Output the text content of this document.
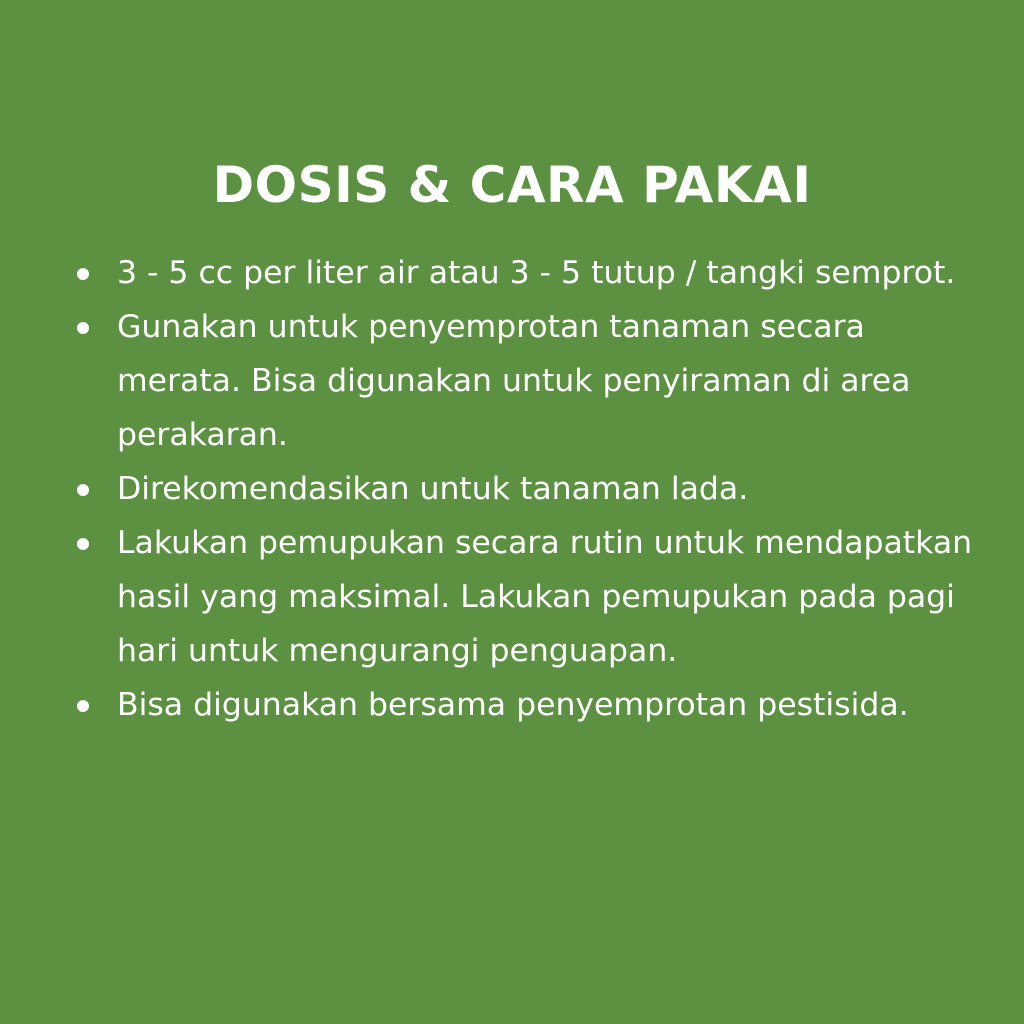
DOSIS & CARA PAKAI
3 - 5 cc per liter air atau 3 - 5 tutup / tangki semprot.
Gunakan untuk penyemprotan tanaman secara merata. Bisa digunakan untuk penyiraman di area perakaran.
Direkomendasikan untuk tanaman lada.
Lakukan pemupukan secara rutin untuk mendapatkan hasil yang maksimal. Lakukan pemupukan pada pagi hari untuk mengurangi penguapan.
Bisa digunakan bersama penyemprotan pestisida.
